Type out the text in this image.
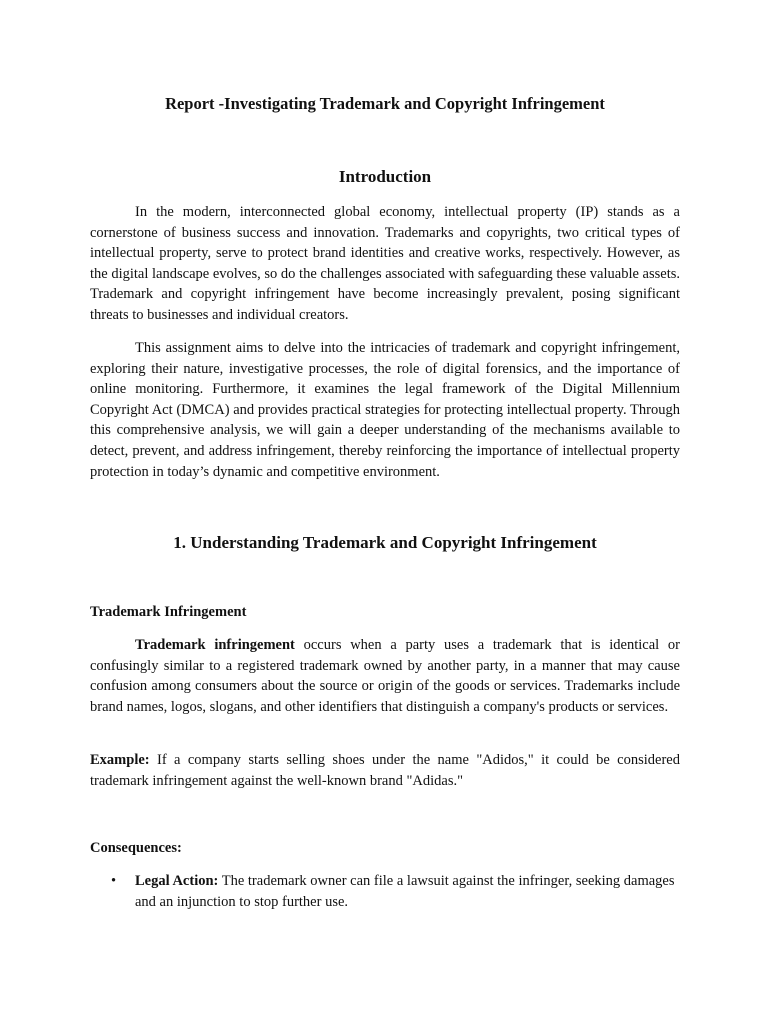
Report -Investigating Trademark and Copyright Infringement
Introduction

In the modern, interconnected global economy, intellectual property (IP) stands as a cornerstone of business success and innovation. Trademarks and copyrights, two critical types of intellectual property, serve to protect brand identities and creative works, respectively. However, as the digital landscape evolves, so do the challenges associated with safeguarding these valuable assets. Trademark and copyright infringement have become increasingly prevalent, posing significant threats to businesses and individual creators.

This assignment aims to delve into the intricacies of trademark and copyright infringement, exploring their nature, investigative processes, the role of digital forensics, and the importance of online monitoring. Furthermore, it examines the legal framework of the Digital Millennium Copyright Act (DMCA) and provides practical strategies for protecting intellectual property. Through this comprehensive analysis, we will gain a deeper understanding of the mechanisms available to detect, prevent, and address infringement, thereby reinforcing the importance of intellectual property protection in today’s dynamic and competitive environment.

1. Understanding Trademark and Copyright Infringement
Trademark Infringement

Trademark infringement occurs when a party uses a trademark that is identical or confusingly similar to a registered trademark owned by another party, in a manner that may cause confusion among consumers about the source or origin of the goods or services. Trademarks include brand names, logos, slogans, and other identifiers that distinguish a company's products or services.

Example: If a company starts selling shoes under the name "Adidos," it could be considered trademark infringement against the well-known brand "Adidas."

Consequences:
• Legal Action: The trademark owner can file a lawsuit against the infringer, seeking damages and an injunction to stop further use.
